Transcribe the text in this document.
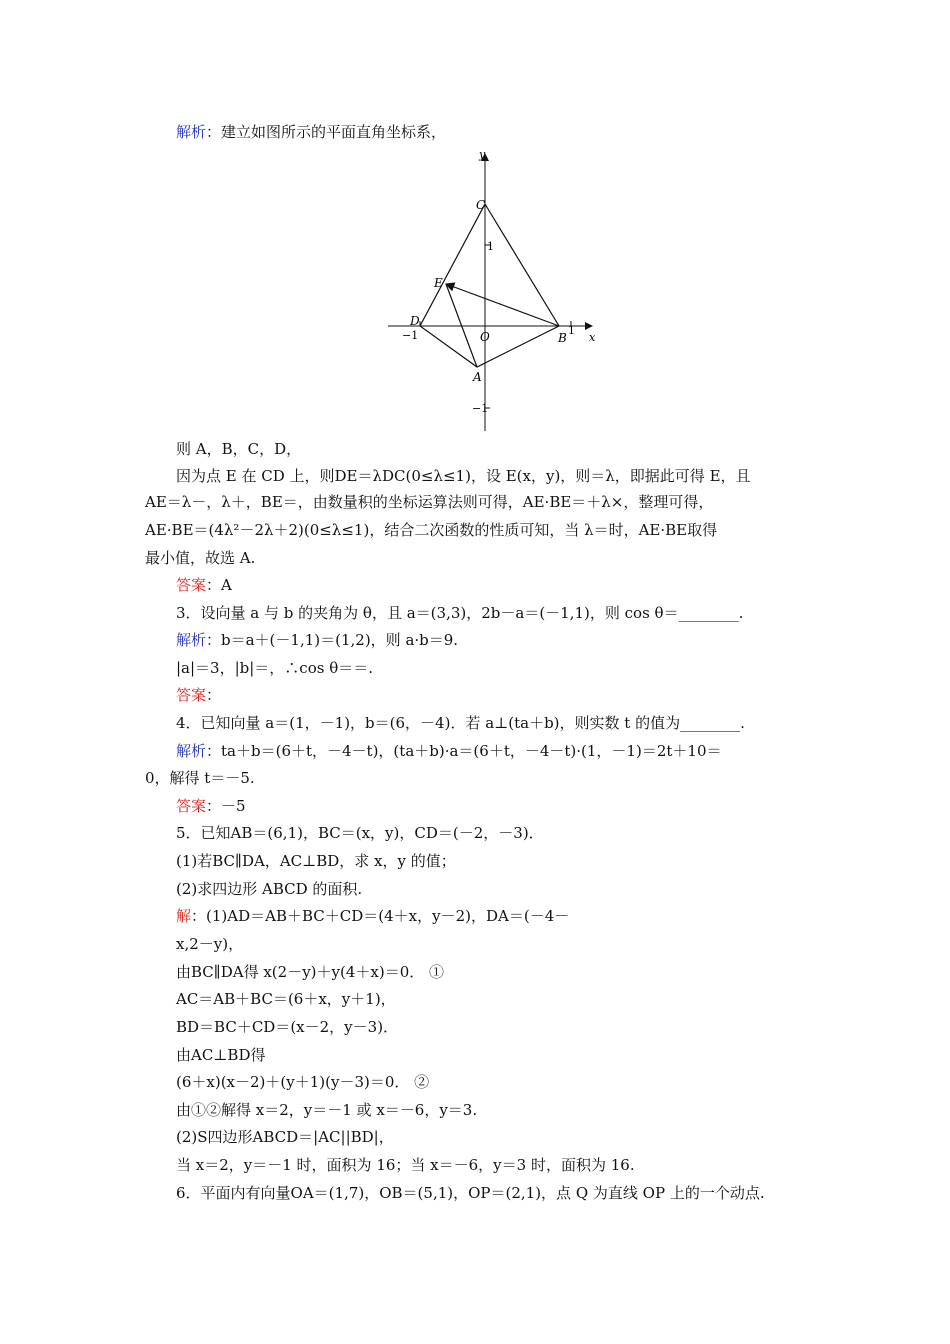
解析：建立如图所示的平面直角坐标系，
y
x
C
E
D
O	B
A
1
−1	1
−1
则 A，B，C，D，
因为点 E 在 CD 上，则DE＝λDC(0≤λ≤1)，设 E(x，y)，则＝λ，即据此可得 E，且
AE＝λ－，λ＋，BE＝，由数量积的坐标运算法则可得，AE·BE＝＋λ×，整理可得，
AE·BE＝(4λ²－2λ＋2)(0≤λ≤1)，结合二次函数的性质可知，当 λ＝时，AE·BE取得
最小值，故选 A.
答案：A
3．设向量 a 与 b 的夹角为 θ，且 a＝(3,3)，2b－a＝(－1,1)，则 cos θ＝________.
解析：b＝a＋(－1,1)＝(1,2)，则 a·b＝9.
|a|＝3，|b|＝，∴cos θ＝＝.
答案：
4．已知向量 a＝(1，－1)，b＝(6，－4)．若 a⊥(ta＋b)，则实数 t 的值为________.
解析：ta＋b＝(6＋t，－4－t)，(ta＋b)·a＝(6＋t，－4－t)·(1，－1)＝2t＋10＝
0，解得 t＝－5.
答案：－5
5．已知AB＝(6,1)，BC＝(x，y)，CD＝(－2，－3)．
(1)若BC∥DA，AC⊥BD，求 x，y 的值；
(2)求四边形 ABCD 的面积.
解：(1)AD＝AB＋BC＋CD＝(4＋x，y－2)，DA＝(－4－
x,2－y)，
由BC∥DA得 x(2－y)＋y(4＋x)＝0． ①
AC＝AB＋BC＝(6＋x，y＋1)，
BD＝BC＋CD＝(x－2，y－3)．
由AC⊥BD得
(6＋x)(x－2)＋(y＋1)(y－3)＝0． ②
由①②解得 x＝2，y＝－1 或 x＝－6，y＝3.
(2)S四边形ABCD＝|AC||BD|，
当 x＝2，y＝－1 时，面积为 16；当 x＝－6，y＝3 时，面积为 16.
6．平面内有向量OA＝(1,7)，OB＝(5,1)，OP＝(2,1)，点 Q 为直线 OP 上的一个动点.
